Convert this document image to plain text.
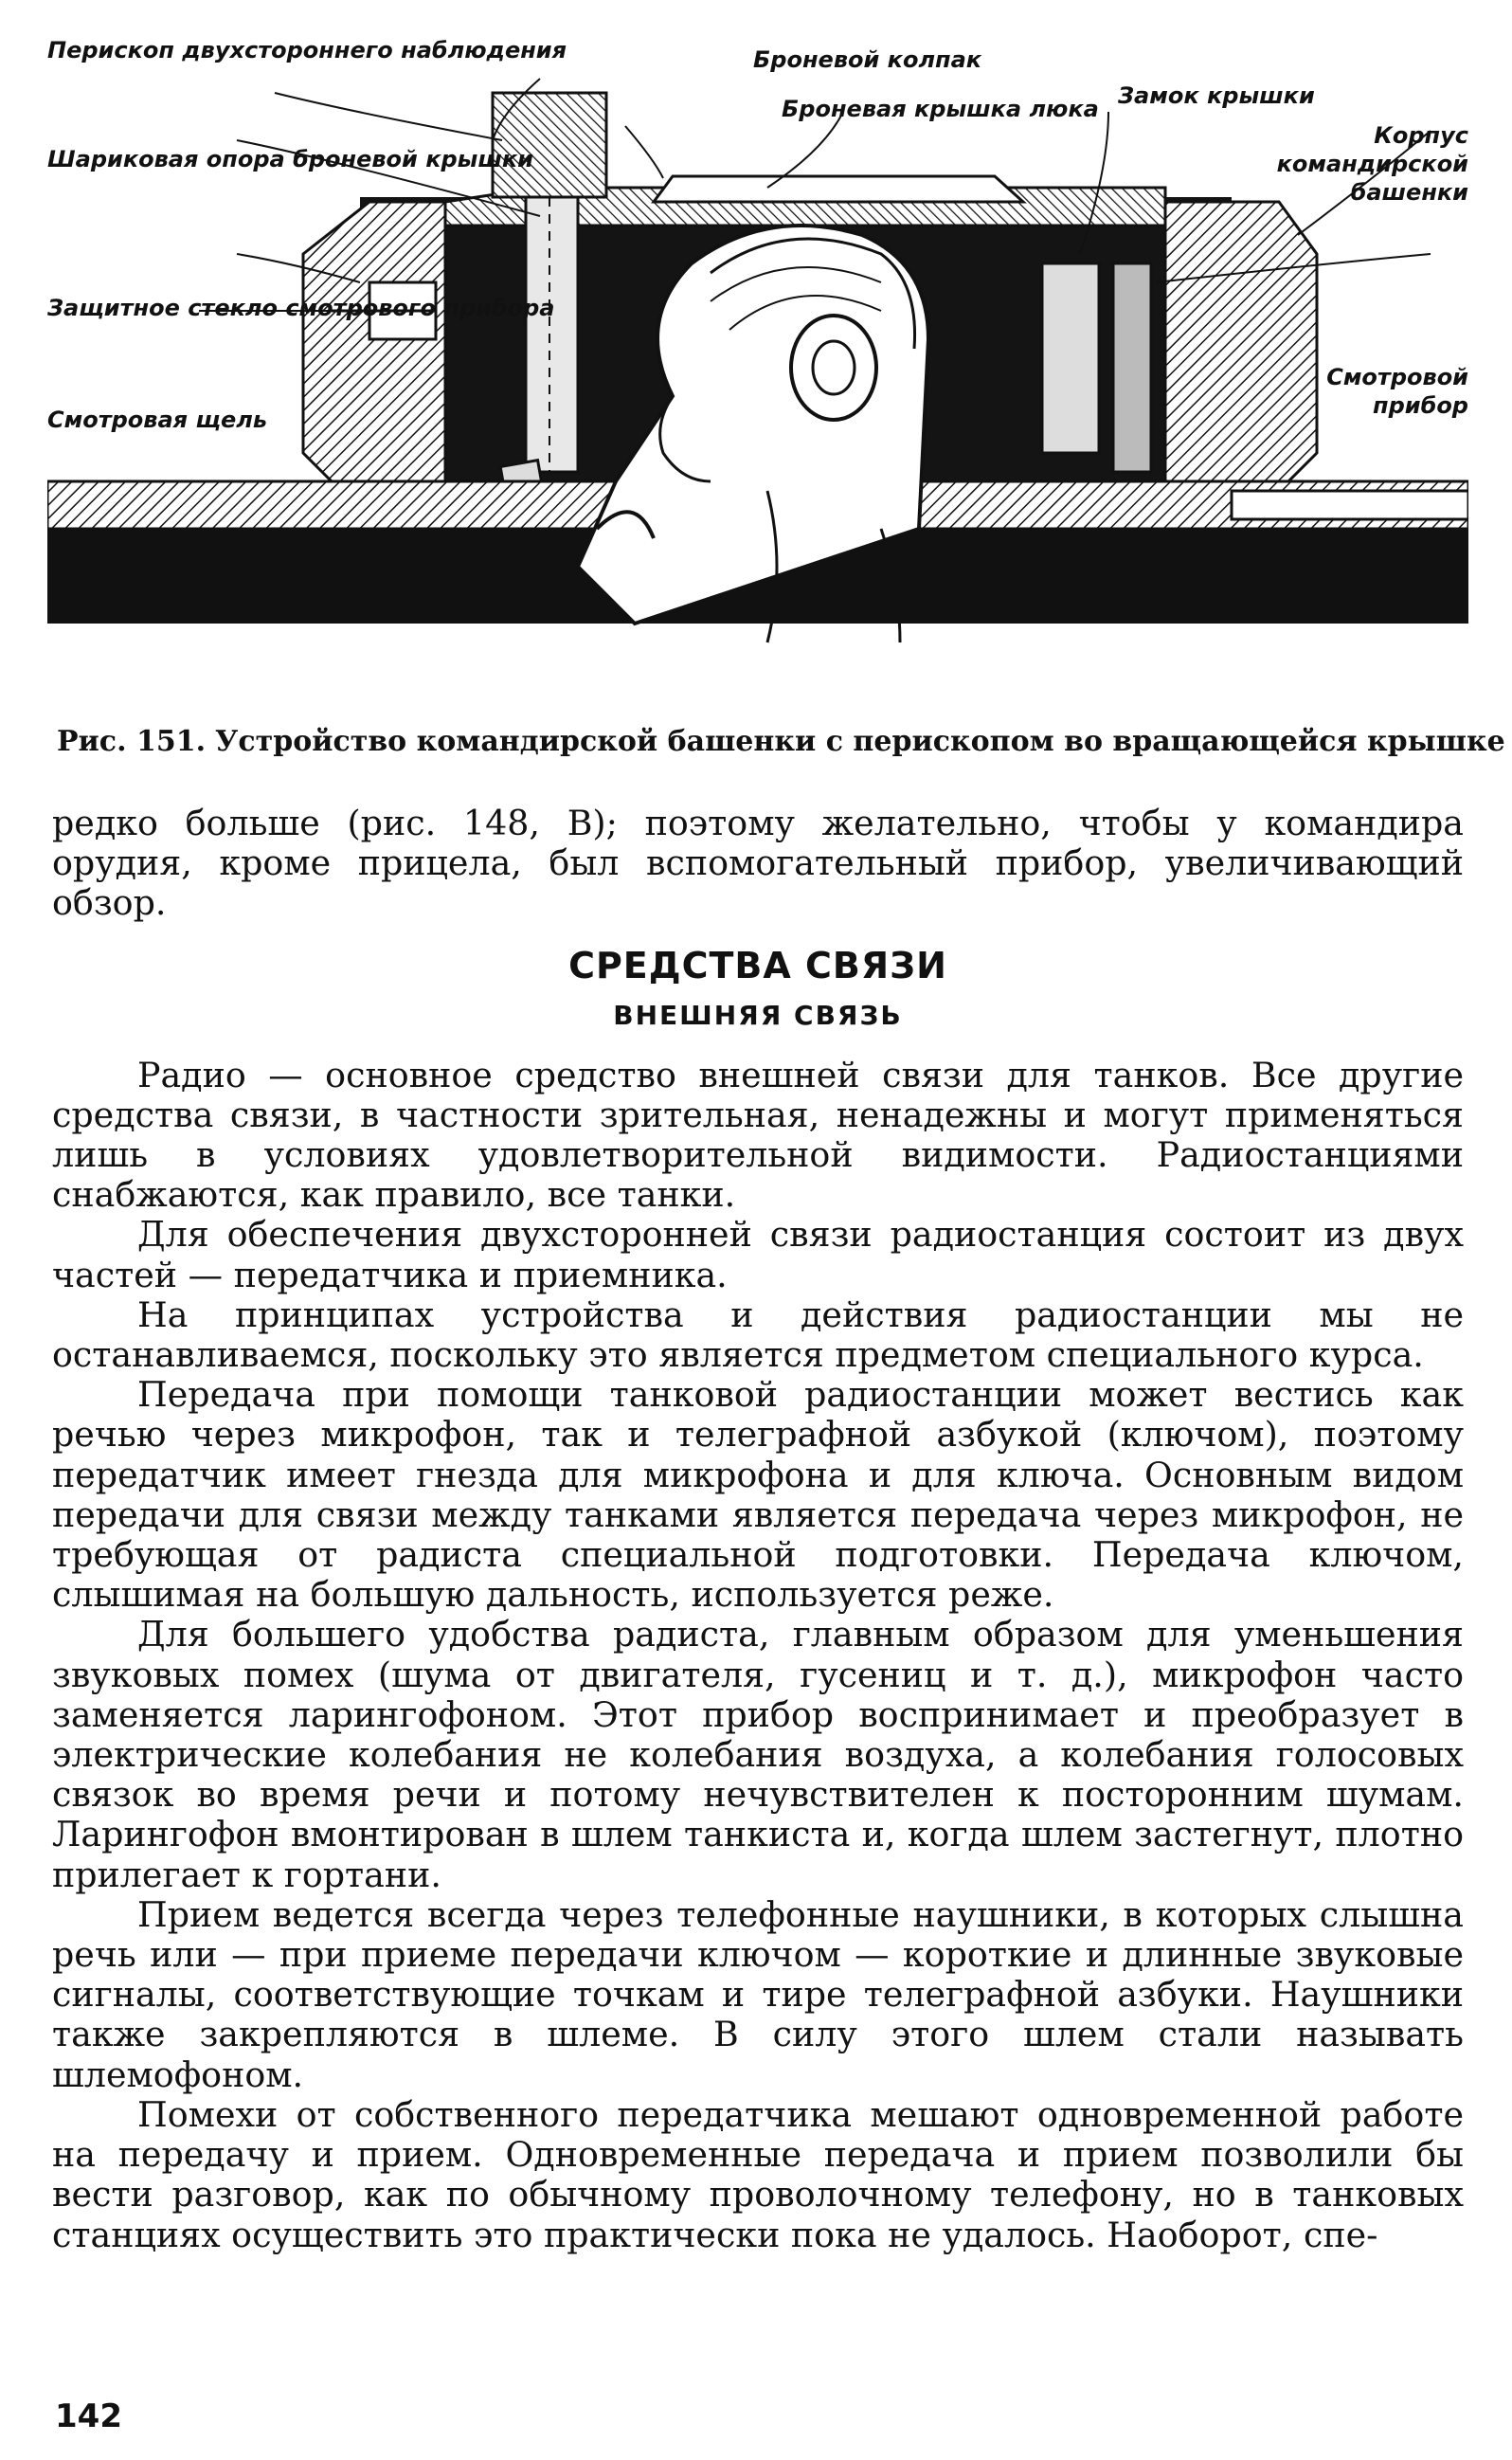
Перископ двухстороннего наблюдения
Шариковая опора броневой крышки
Защитное стекло смотрового прибора
Смотровая щель
Броневой колпак
Броневая крышка люка Замок крышки
Корпус командирской башенки
Смотровой прибор
Рис. 151. Устройство командирской башенки с перископом во вращающейся крышке

редко больше (рис. 148, B); поэтому желательно, чтобы у командира орудия, кроме прицела, был вспомогательный прибор, увеличивающий обзор.

СРЕДСТВА СВЯЗИ
ВНЕШНЯЯ СВЯЗЬ

Радио — основное средство внешней связи для танков. Все другие средства связи, в частности зрительная, ненадежны и могут применяться лишь в условиях удовлетворительной видимости. Радиостанциями снабжаются, как правило, все танки.

Для обеспечения двухсторонней связи радиостанция состоит из двух частей — передатчика и приемника.

На принципах устройства и действия радиостанции мы не останавливаемся, поскольку это является предметом специального курса.

Передача при помощи танковой радиостанции может вестись как речью через микрофон, так и телеграфной азбукой (ключом), поэтому передатчик имеет гнезда для микрофона и для ключа. Основным видом передачи для связи между танками является передача через микрофон, не требующая от радиста специальной подготовки. Передача ключом, слышимая на большую дальность, используется реже.

Для большего удобства радиста, главным образом для уменьшения звуковых помех (шума от двигателя, гусениц и т. д.), микрофон часто заменяется ларингофоном. Этот прибор воспринимает и преобразует в электрические колебания не колебания воздуха, а колебания голосовых связок во время речи и потому нечувствителен к посторонним шумам. Ларингофон вмонтирован в шлем танкиста и, когда шлем застегнут, плотно прилегает к гортани.

Прием ведется всегда через телефонные наушники, в которых слышна речь или — при приеме передачи ключом — короткие и длинные звуковые сигналы, соответствующие точкам и тире телеграфной азбуки. Наушники также закрепляются в шлеме. В силу этого шлем стали называть шлемофоном.

Помехи от собственного передатчика мешают одновременной работе на передачу и прием. Одновременные передача и прием позволили бы вести разговор, как по обычному проволочному телефону, но в танковых станциях осуществить это практически пока не удалось. Наоборот, спе-

142
